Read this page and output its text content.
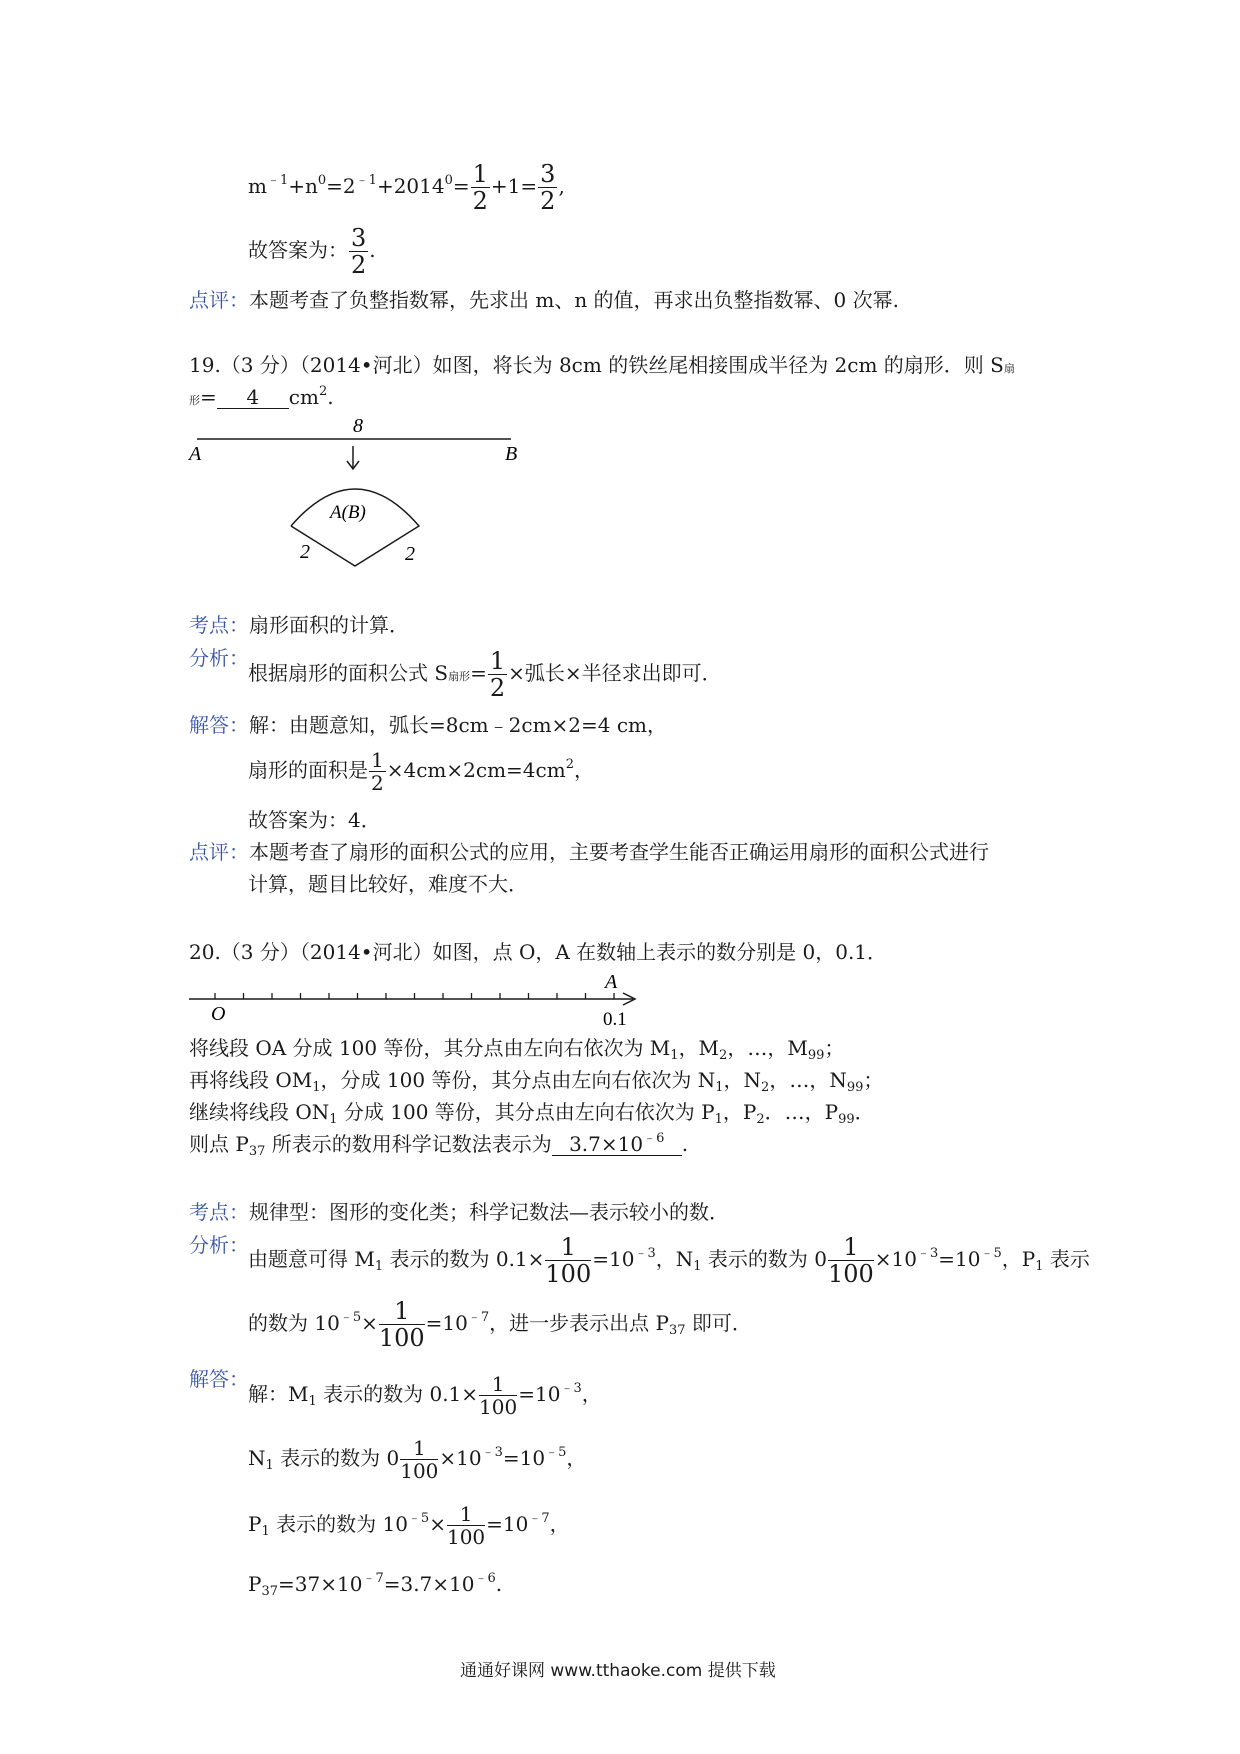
$m^{﹣1}+n^0=2^{﹣1}+2014^0= \frac{1}{2} +1= \frac{3}{2}$ ,
故答案为： $\frac{3}{2}$ .
点评：本题考查了负整指数幂，先求出 m、n 的值，再求出负整指数幂、0 次幂.
19.（3 分）（2014•河北）如图，将长为 8cm 的铁丝尾相接围成半径为 2cm 的扇形．则 S扇
形= 4 $cm^2$.
8
A	B
A(B)
2	2
考点：扇形面积的计算．
分析：
根据扇形的面积公式 S扇形= $\frac{1}{2}$ ×弧长×半径求出即可．
解答：解：由题意知，弧长=8cm﹣2cm×2=4 cm，
扇形的面积是 $\frac{1}{2} \times 4cm\times 2cm=4cm^2$，
故答案为：4．
点评：本题考查了扇形的面积公式的应用，主要考查学生能否正确运用扇形的面积公式进行
计算，题目比较好，难度不大．
20.（3 分）（2014•河北）如图，点 O，A 在数轴上表示的数分别是 0，0.1．
O
A
0.1
将线段 OA 分成 100 等份，其分点由左向右依次为 $M_1$，$M_2$，…，$M_{99}$；
再将线段 $OM_1$，分成 100 等份，其分点由左向右依次为 $N_1$，$N_2$，…，$N_{99}$；
继续将线段 $ON_1$ 分成 100 等份，其分点由左向右依次为 $P_1$，$P_2$．…，$P_{99}$．
则点 $P_{37}$ 所表示的数用科学记数法表示为 $3.7\times 10^{﹣6}$ .
考点：规律型：图形的变化类；科学记数法—表示较小的数．
分析：
由题意可得 $M_1$ 表示的数为 $0.1\times \frac{1}{100} =10^{﹣3}$，$N_1$ 表示的数为 $0 \frac{1}{100} \times 10^{﹣3}=10^{﹣5}$，$P_1$ 表示
的数为 $10^{﹣5}\times \frac{1}{100} =10^{﹣7}$，进一步表示出点 $P_{37}$ 即可．
解答：
解：$M_1$ 表示的数为 $0.1\times \frac{1}{100} =10^{﹣3}$，
$N_1$ 表示的数为 $0 \frac{1}{100} \times 10^{﹣3}=10^{﹣5}$，
$P_1$ 表示的数为 $10^{﹣5}\times \frac{1}{100} =10^{﹣7}$，
$P_{37}=37\times 10^{﹣7}=3.7\times 10^{﹣6}$.
通通好课网 www.tthaoke.com 提供下载
